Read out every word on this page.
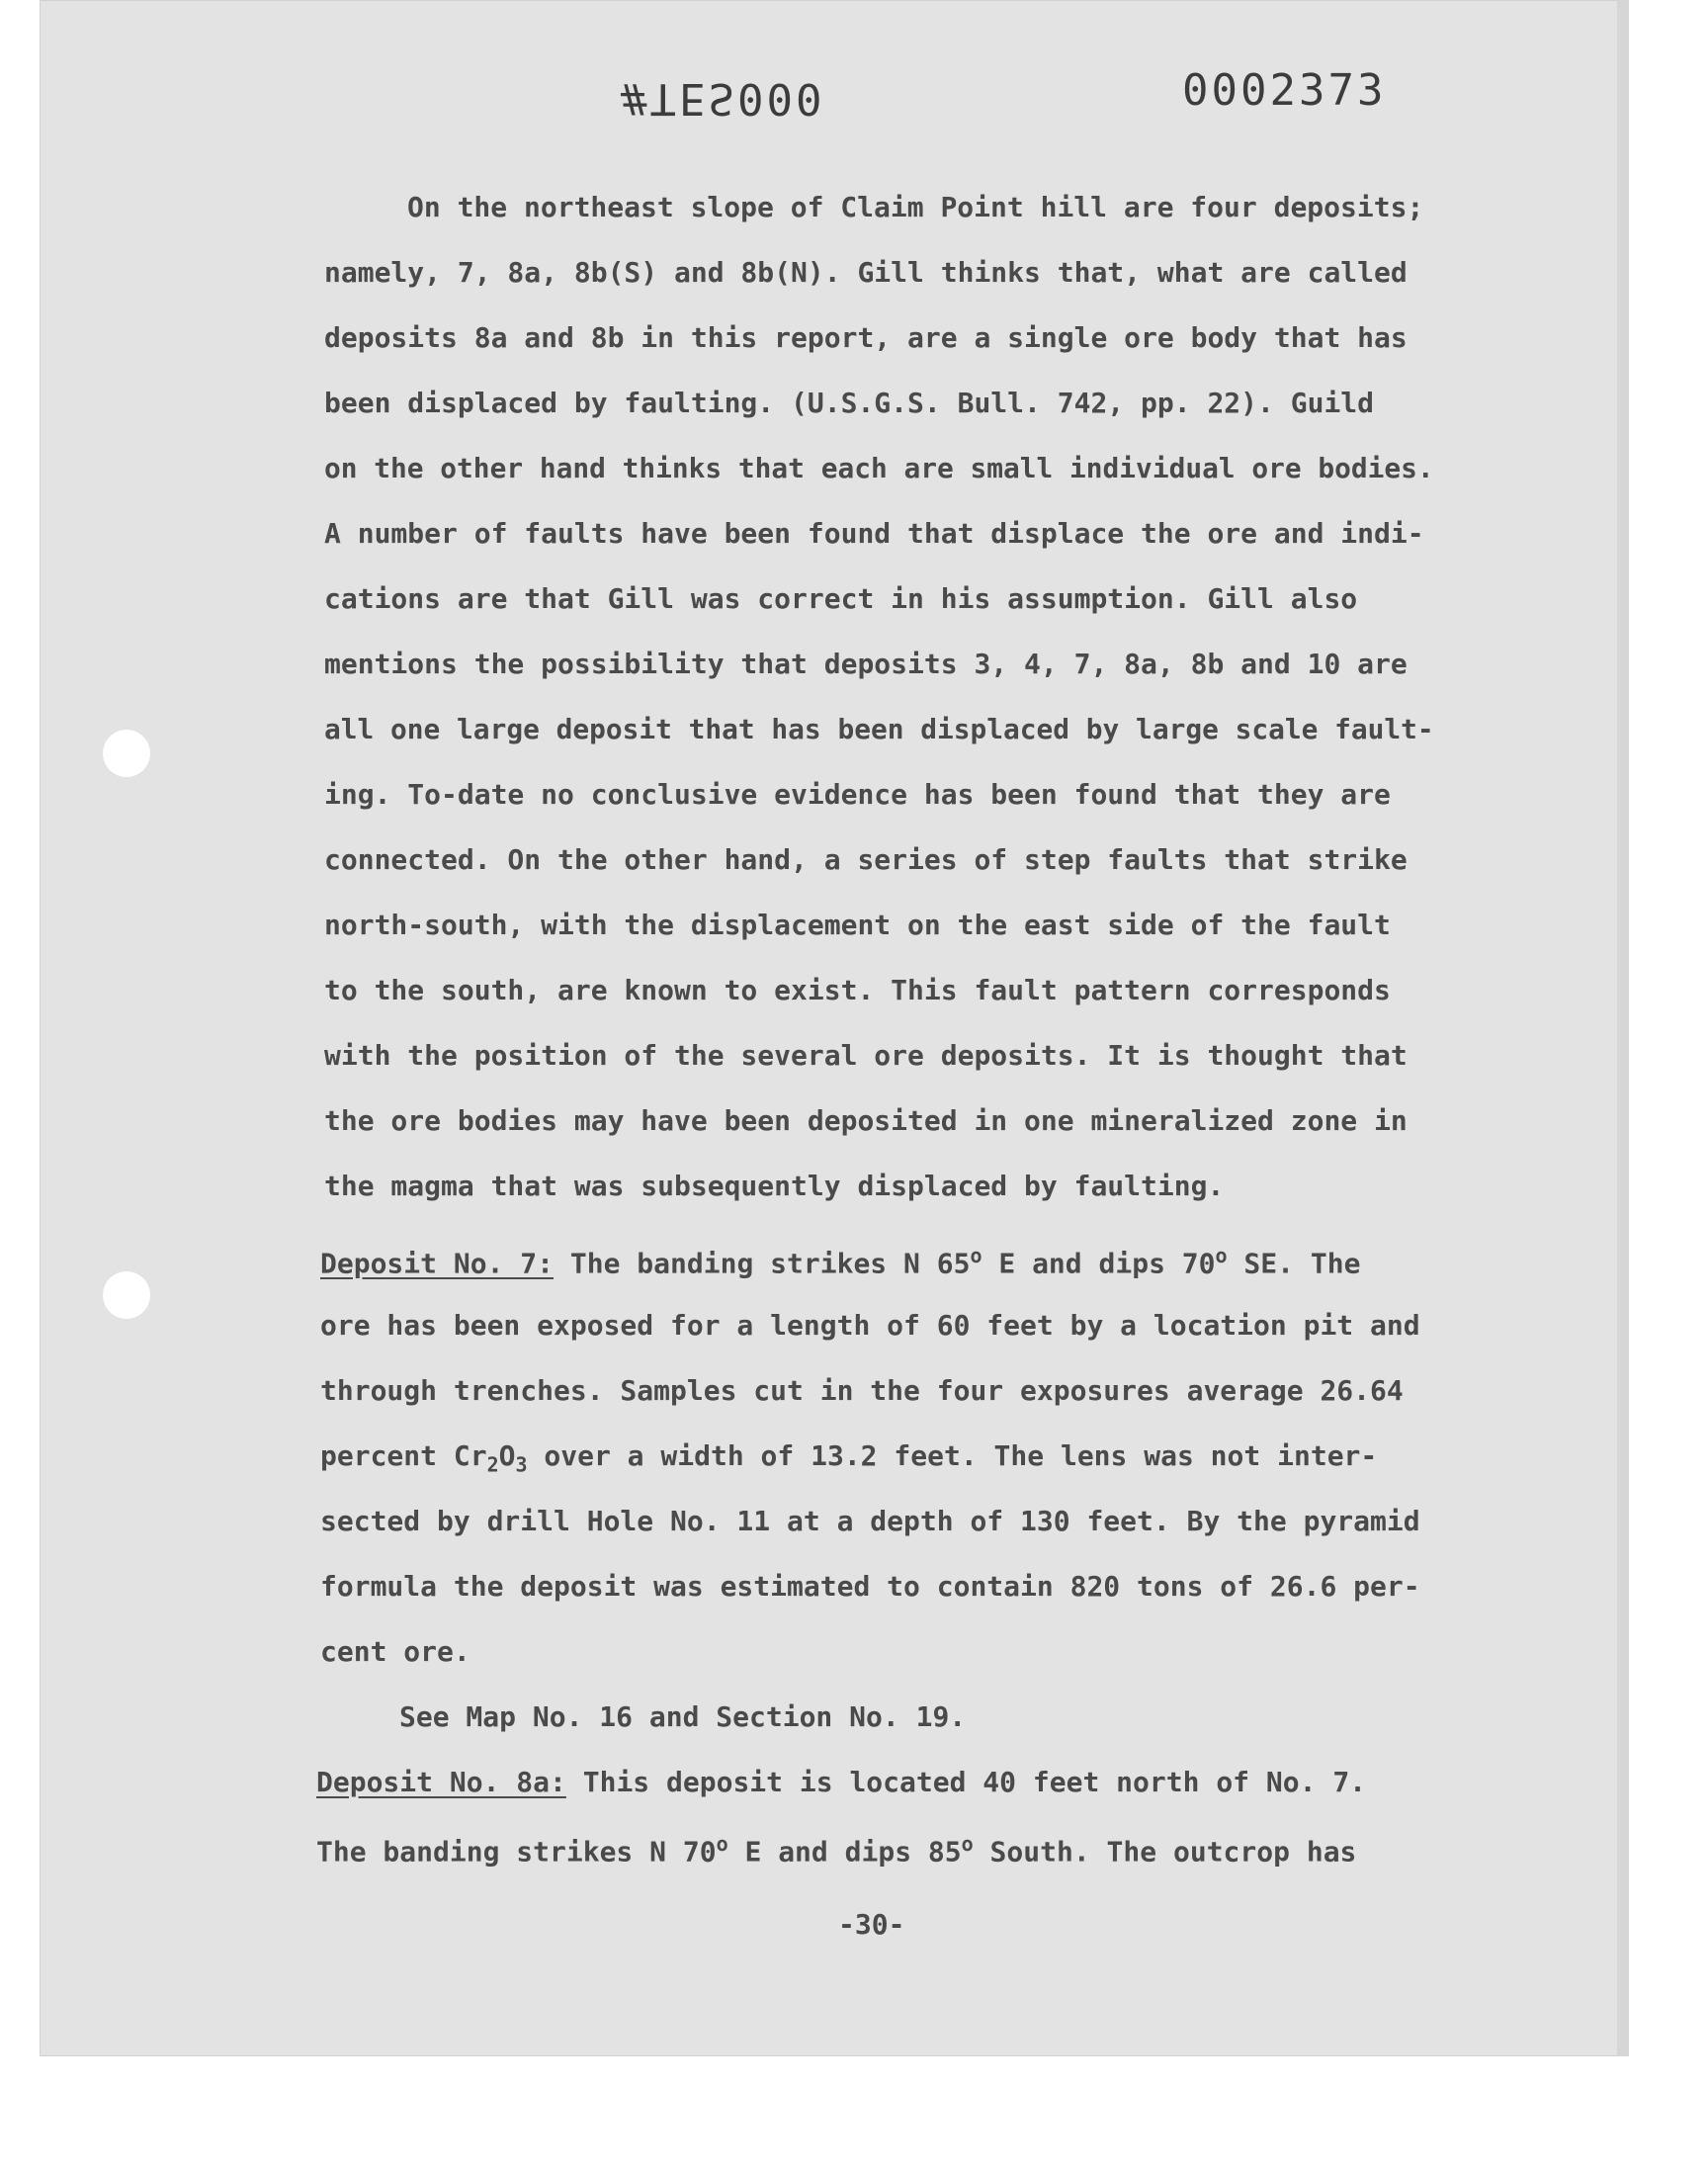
#TES000	0002373
On the northeast slope of Claim Point hill are four deposits;
namely, 7, 8a, 8b(S) and 8b(N). Gill thinks that, what are called
deposits 8a and 8b in this report, are a single ore body that has
been displaced by faulting. (U.S.G.S. Bull. 742, pp. 22). Guild
on the other hand thinks that each are small individual ore bodies.
A number of faults have been found that displace the ore and indi-
cations are that Gill was correct in his assumption. Gill also
mentions the possibility that deposits 3, 4, 7, 8a, 8b and 10 are
all one large deposit that has been displaced by large scale fault-
ing. To-date no conclusive evidence has been found that they are
connected. On the other hand, a series of step faults that strike
north-south, with the displacement on the east side of the fault
to the south, are known to exist. This fault pattern corresponds
with the position of the several ore deposits. It is thought that
the ore bodies may have been deposited in one mineralized zone in
the magma that was subsequently displaced by faulting.
Deposit No. 7: The banding strikes N 65$^o$ E and dips 70$^o$ SE. The
ore has been exposed for a length of 60 feet by a location pit and
through trenches. Samples cut in the four exposures average 26.64
percent $Cr_2O_3$ over a width of 13.2 feet. The lens was not inter-
sected by drill Hole No. 11 at a depth of 130 feet. By the pyramid
formula the deposit was estimated to contain 820 tons of 26.6 per-
cent ore.
See Map No. 16 and Section No. 19.
Deposit No. 8a: This deposit is located 40 feet north of No. 7.
The banding strikes N 70$^o$ E and dips 85$^o$ South. The outcrop has
-30-
